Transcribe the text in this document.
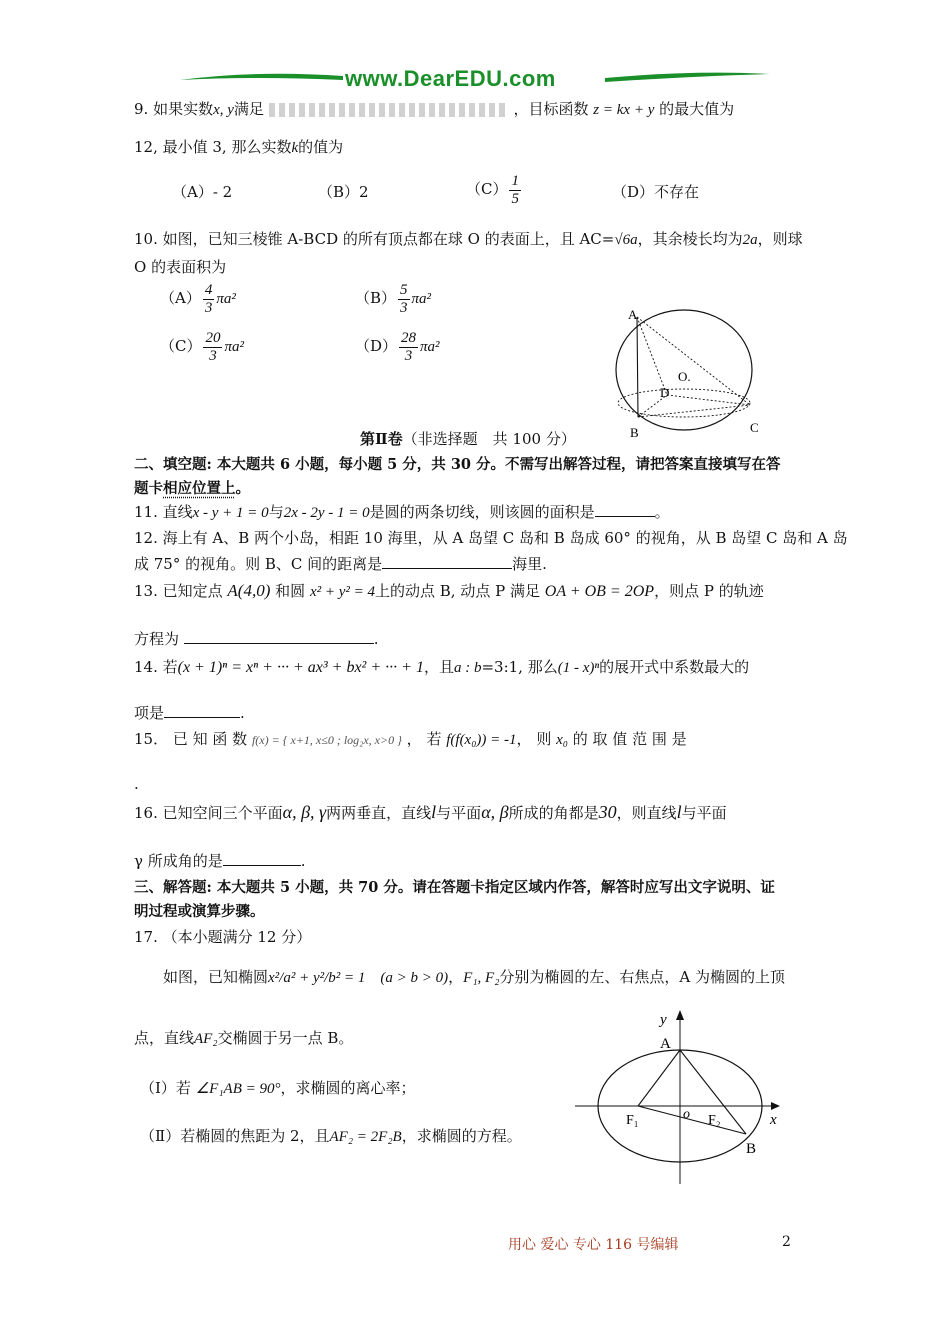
www.DearEDU.com
9. 如果实数x, y满足	，目标函数 z = kx + y 的最大值为
12, 最小值 3, 那么实数k的值为
（A）- 2	（B）2	$(C) \frac{1}{5}$	（D）不存在
10. 如图，已知三棱锥 A-BCD 的所有顶点都在球 O 的表面上，且 AC=√6a，其余棱长均为2a，则球
O 的表面积为
$(A) \frac{4}{3} \pi a^2$	$(B) \frac{5}{3} \pi a^2$
$(C) \frac{20}{3} \pi a^2$	$(D) \frac{28}{3} \pi a^2$
A
B	C
D
O.
第Ⅱ卷（非选择题　共 100 分）
二、填空题: 本大题共 6 小题，每小题 5 分，共 30 分。不需写出解答过程，请把答案直接填写在答
题卡相应位置上。
11. 直线x - y + 1 = 0与2x - 2y - 1 = 0是圆的两条切线，则该圆的面积是	。
12. 海上有 A、B 两个小岛，相距 10 海里，从 A 岛望 C 岛和 B 岛成 60° 的视角，从 B 岛望 C 岛和 A 岛
成 75° 的视角。则 B、C 间的距离是	海里.
13. 已知定点 A(4,0) 和圆 x² + y² = 4上的动点 B, 动点 P 满足 OA + OB = 2OP，则点 P 的轨迹
方程为	.
14. 若(x + 1)ⁿ = xⁿ + ··· + ax³ + bx² + ··· + 1，且a : b=3:1, 那么(1 - x)ⁿ的展开式中系数最大的
项是	.
15． 已 知 函 数 f(x) = { x+1, x≤0 ; log₂x, x>0 } ， 若 f(f(x₀)) = -1， 则 x₀ 的 取 值 范 围 是
.
16. 已知空间三个平面α, β, γ两两垂直，直线l与平面α, β所成的角都是30，则直线l与平面
γ 所成角的是	.
三、解答题: 本大题共 5 小题，共 70 分。请在答题卡指定区域内作答，解答时应写出文字说明、证
明过程或演算步骤。
17. （本小题满分 12 分）
如图，已知椭圆x²/a² + y²/b² = 1　(a > b > 0)，F₁, F₂分别为椭圆的左、右焦点，A 为椭圆的上顶
点，直线AF₂交椭圆于另一点 B。
（Ⅰ）若 ∠F₁AB = 90°，求椭圆的离心率；
（Ⅱ）若椭圆的焦距为 2，且AF₂ = 2F₂B，求椭圆的方程。
y
x
A
B
F₁	F₂
o
用心 爱心 专心 116 号编辑	2
